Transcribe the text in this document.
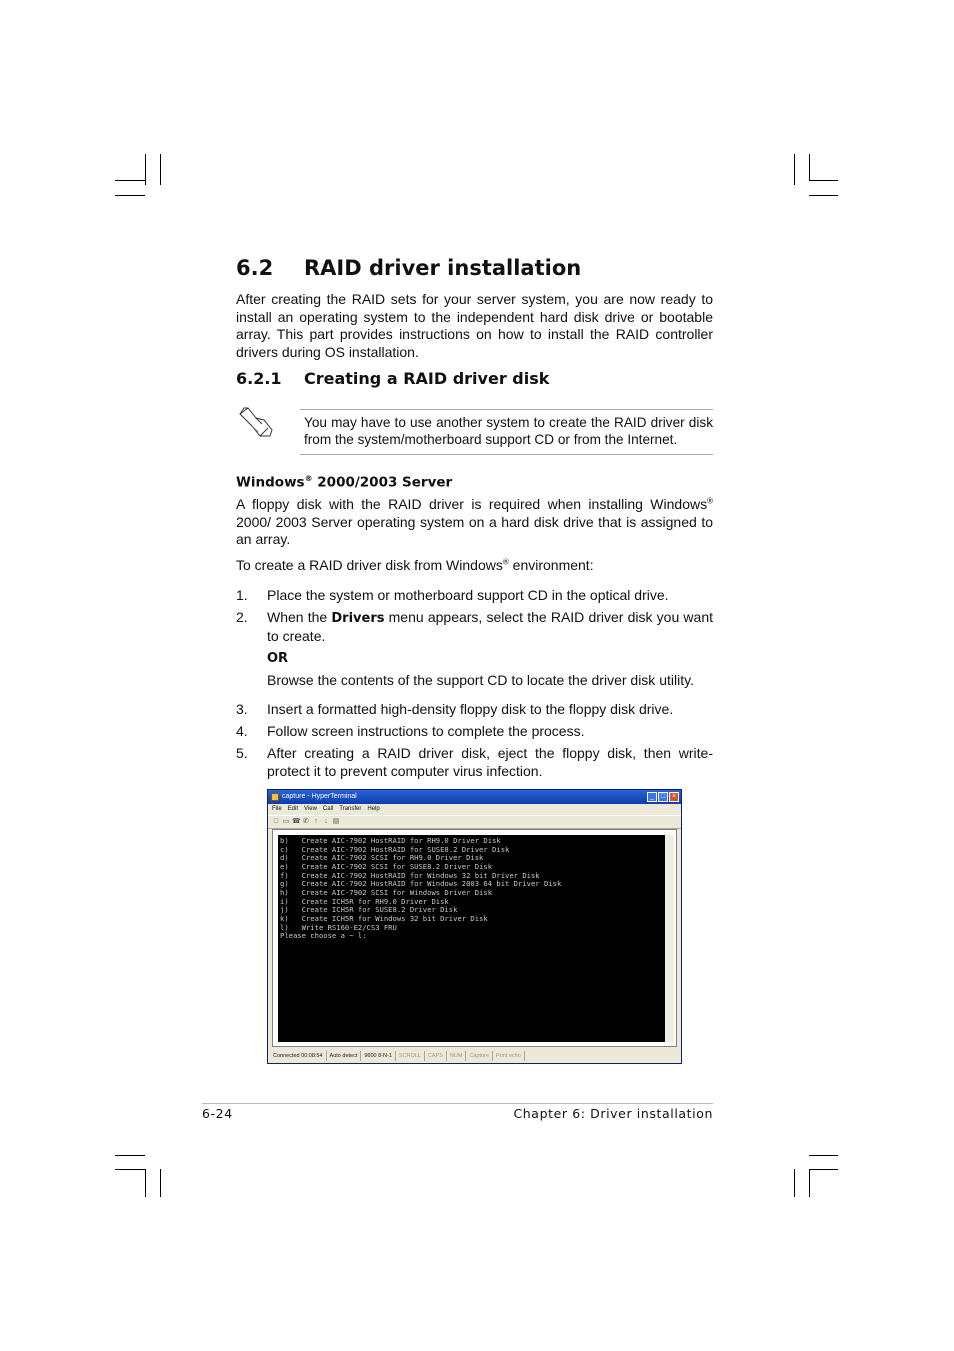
6.2 RAID driver installation

After creating the RAID sets for your server system, you are now ready to install an operating system to the independent hard disk drive or bootable array. This part provides instructions on how to install the RAID controller drivers during OS installation.

6.2.1 Creating a RAID driver disk

You may have to use another system to create the RAID driver disk from the system/motherboard support CD or from the Internet.

Windows® 2000/2003 Server

A floppy disk with the RAID driver is required when installing Windows® 2000/ 2003 Server operating system on a hard disk drive that is assigned to an array.

To create a RAID driver disk from Windows® environment:

1. Place the system or motherboard support CD in the optical drive.
2. When the Drivers menu appears, select the RAID driver disk you want to create.
OR
Browse the contents of the support CD to locate the driver disk utility.
3. Insert a formatted high-density floppy disk to the floppy disk drive.
4. Follow screen instructions to complete the process.
5. After creating a RAID driver disk, eject the floppy disk, then write-protect it to prevent computer virus infection.
capture - HyperTerminal	_ □ ×
File Edit View Call Transfer Help
□ ▭ ☎ ✆ ↑ ↓ ▤
b)   Create AIC-7902 HostRAID for RH9.0 Driver Disk
c)   Create AIC-7902 HostRAID for SUSE8.2 Driver Disk
d)   Create AIC-7902 SCSI for RH9.0 Driver Disk
e)   Create AIC-7902 SCSI for SUSE8.2 Driver Disk
f)   Create AIC-7902 HostRAID for Windows 32 bit Driver Disk
g)   Create AIC-7902 HostRAID for Windows 2003 64 bit Driver Disk
h)   Create AIC-7902 SCSI for Windows Driver Disk
i)   Create ICH5R for RH9.0 Driver Disk
j)   Create ICH5R for SUSE8.2 Driver Disk
k)   Create ICH5R for Windows 32 bit Driver Disk
l)   Write RS160-E2/CS3 FRU
Please choose a ~ l:
Connected 00:08:54	Auto detect	9600 8-N-1	SCROLL	CAPS	NUM	Capture	Print echo

6-24	Chapter 6: Driver installation
